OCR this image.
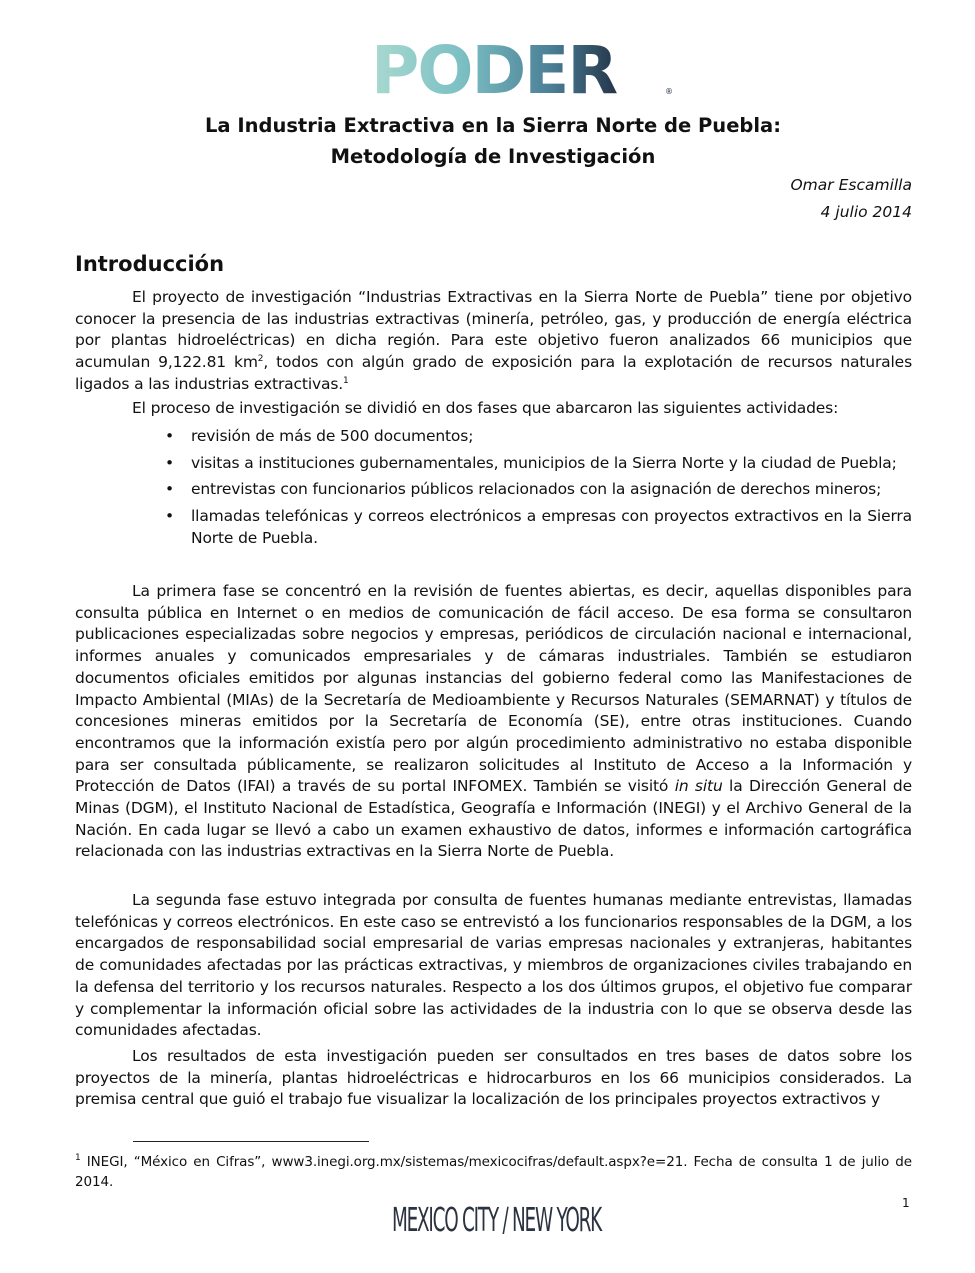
PODER	®
La Industria Extractiva en la Sierra Norte de Puebla:
Metodología de Investigación
Omar Escamilla
4 julio 2014
Introducción

El proyecto de investigación “Industrias Extractivas en la Sierra Norte de Puebla” tiene por objetivo conocer la presencia de las industrias extractivas (minería, petróleo, gas, y producción de energía eléctrica por plantas hidroeléctricas) en dicha región. Para este objetivo fueron analizados 66 municipios que acumulan 9,122.81 $km^2$, todos con algún grado de exposición para la explotación de recursos naturales ligados a las industrias extractivas.$^1$

El proceso de investigación se dividió en dos fases que abarcaron las siguientes actividades:

• revisión de más de 500 documentos;
• visitas a instituciones gubernamentales, municipios de la Sierra Norte y la ciudad de Puebla;
• entrevistas con funcionarios públicos relacionados con la asignación de derechos mineros;
• llamadas telefónicas y correos electrónicos a empresas con proyectos extractivos en la Sierra Norte de Puebla.

La primera fase se concentró en la revisión de fuentes abiertas, es decir, aquellas disponibles para consulta pública en Internet o en medios de comunicación de fácil acceso. De esa forma se consultaron publicaciones especializadas sobre negocios y empresas, periódicos de circulación nacional e internacional, informes anuales y comunicados empresariales y de cámaras industriales. También se estudiaron documentos oficiales emitidos por algunas instancias del gobierno federal como las Manifestaciones de Impacto Ambiental (MIAs) de la Secretaría de Medioambiente y Recursos Naturales (SEMARNAT) y títulos de concesiones mineras emitidos por la Secretaría de Economía (SE), entre otras instituciones. Cuando encontramos que la información existía pero por algún procedimiento administrativo no estaba disponible para ser consultada públicamente, se realizaron solicitudes al Instituto de Acceso a la Información y Protección de Datos (IFAI) a través de su portal INFOMEX. También se visitó in situ la Dirección General de Minas (DGM), el Instituto Nacional de Estadística, Geografía e Información (INEGI) y el Archivo General de la Nación. En cada lugar se llevó a cabo un examen exhaustivo de datos, informes e información cartográfica relacionada con las industrias extractivas en la Sierra Norte de Puebla.

La segunda fase estuvo integrada por consulta de fuentes humanas mediante entrevistas, llamadas telefónicas y correos electrónicos. En este caso se entrevistó a los funcionarios responsables de la DGM, a los encargados de responsabilidad social empresarial de varias empresas nacionales y extranjeras, habitantes de comunidades afectadas por las prácticas extractivas, y miembros de organizaciones civiles trabajando en la defensa del territorio y los recursos naturales. Respecto a los dos últimos grupos, el objetivo fue comparar y complementar la información oficial sobre las actividades de la industria con lo que se observa desde las comunidades afectadas.

Los resultados de esta investigación pueden ser consultados en tres bases de datos sobre los proyectos de la minería, plantas hidroeléctricas e hidrocarburos en los 66 municipios considerados. La premisa central que guió el trabajo fue visualizar la localización de los principales proyectos extractivos y

$^1$ INEGI, “México en Cifras”, www3.inegi.org.mx/sistemas/mexicocifras/default.aspx?e=21. Fecha de consulta 1 de julio de 2014.
1
MEXICO CITY / NEW YORK
